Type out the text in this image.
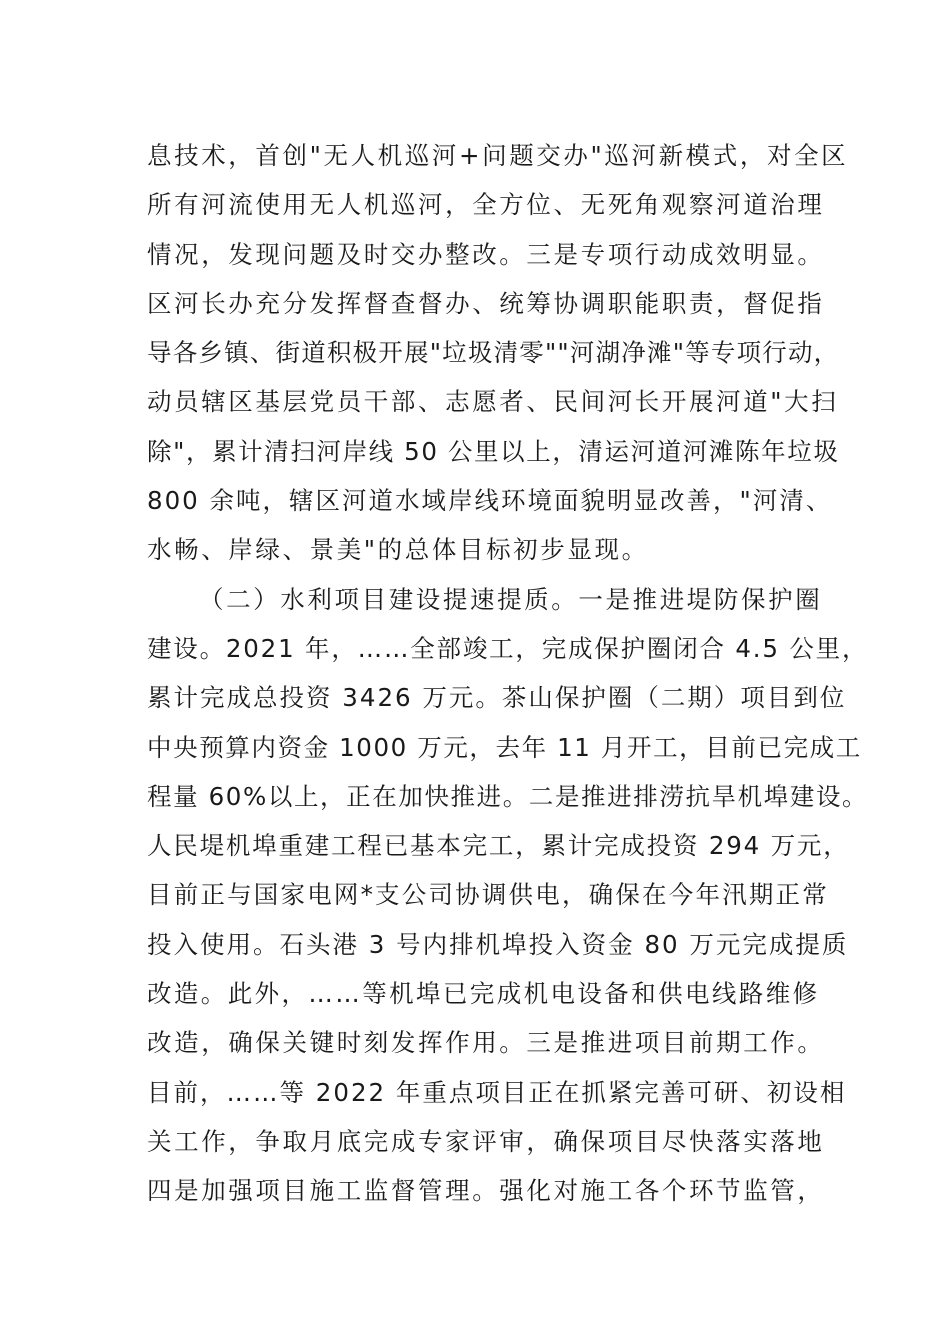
息技术，首创"无人机巡河+问题交办"巡河新模式，对全区
所有河流使用无人机巡河，全方位、无死角观察河道治理
情况，发现问题及时交办整改。三是专项行动成效明显。
区河长办充分发挥督查督办、统筹协调职能职责，督促指
导各乡镇、街道积极开展"垃圾清零""河湖净滩"等专项行动，
动员辖区基层党员干部、志愿者、民间河长开展河道"大扫
除"，累计清扫河岸线 50 公里以上，清运河道河滩陈年垃圾
800 余吨，辖区河道水域岸线环境面貌明显改善，"河清、
水畅、岸绿、景美"的总体目标初步显现。
（二）水利项目建设提速提质。一是推进堤防保护圈
建设。2021 年，……全部竣工，完成保护圈闭合 4.5 公里，
累计完成总投资 3426 万元。茶山保护圈（二期）项目到位
中央预算内资金 1000 万元，去年 11 月开工，目前已完成工
程量 60%以上，正在加快推进。二是推进排涝抗旱机埠建设。
人民堤机埠重建工程已基本完工，累计完成投资 294 万元，
目前正与国家电网*支公司协调供电，确保在今年汛期正常
投入使用。石头港 3 号内排机埠投入资金 80 万元完成提质
改造。此外，……等机埠已完成机电设备和供电线路维修
改造，确保关键时刻发挥作用。三是推进项目前期工作。
目前，……等 2022 年重点项目正在抓紧完善可研、初设相
关工作，争取月底完成专家评审，确保项目尽快落实落地
四是加强项目施工监督管理。强化对施工各个环节监管，
